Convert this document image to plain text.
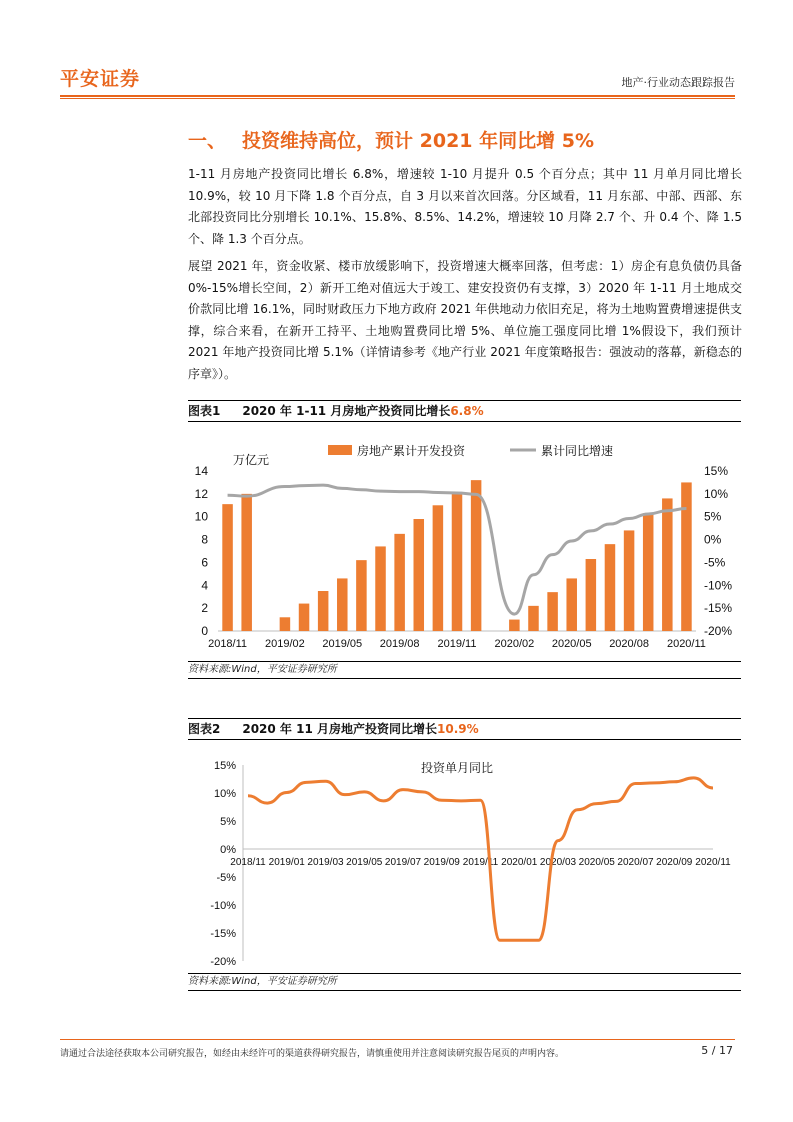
平安证券	地产·行业动态跟踪报告
一、 投资维持高位，预计 2021 年同比增 5%

1-11 月房地产投资同比增长 6.8%，增速较 1-10 月提升 0.5 个百分点；其中 11 月单月同比增长 10.9%，较 10 月下降 1.8 个百分点，自 3 月以来首次回落。分区域看，11 月东部、中部、西部、东北部投资同比分别增长 10.1%、15.8%、8.5%、14.2%，增速较 10 月降 2.7 个、升 0.4 个、降 1.5 个、降 1.3 个百分点。

展望 2021 年，资金收紧、楼市放缓影响下，投资增速大概率回落，但考虑：1）房企有息负债仍具备 0%-15%增长空间，2）新开工绝对值远大于竣工、建安投资仍有支撑，3）2020 年 1-11 月土地成交价款同比增 16.1%，同时财政压力下地方政府 2021 年供地动力依旧充足，将为土地购置费增速提供支撑，综合来看，在新开工持平、土地购置费同比增 5%、单位施工强度同比增 1%假设下，我们预计 2021 年地产投资同比增 5.1%（详情请参考《地产行业 2021 年度策略报告：强波动的落幕，新稳态的序章》）。

图表1 2020 年 1-11 月房地产投资同比增长6.8%
0
2
4
6
8
10
12
14
-20%
-15%
-10%
-5%
0%
5%
10%
15%
2018/11 2019/02 2019/05 2019/08 2019/11 2020/02 2020/05 2020/08 2020/11
房地产累计开发投资	累计同比增速
万亿元
资料来源:Wind，平安证券研究所
图表2 2020 年 11 月房地产投资同比增长10.9%
-20%
-15%
-10%
-5%
0%
5%
10%
15%
2018/11 2019/01 2019/03 2019/05 2019/07 2019/09 2019/11 2020/01 2020/03 2020/05 2020/07 2020/09 2020/11
投资单月同比
资料来源:Wind，平安证券研究所
请通过合法途径获取本公司研究报告，如经由未经许可的渠道获得研究报告，请慎重使用并注意阅读研究报告尾页的声明内容。	5 / 17
